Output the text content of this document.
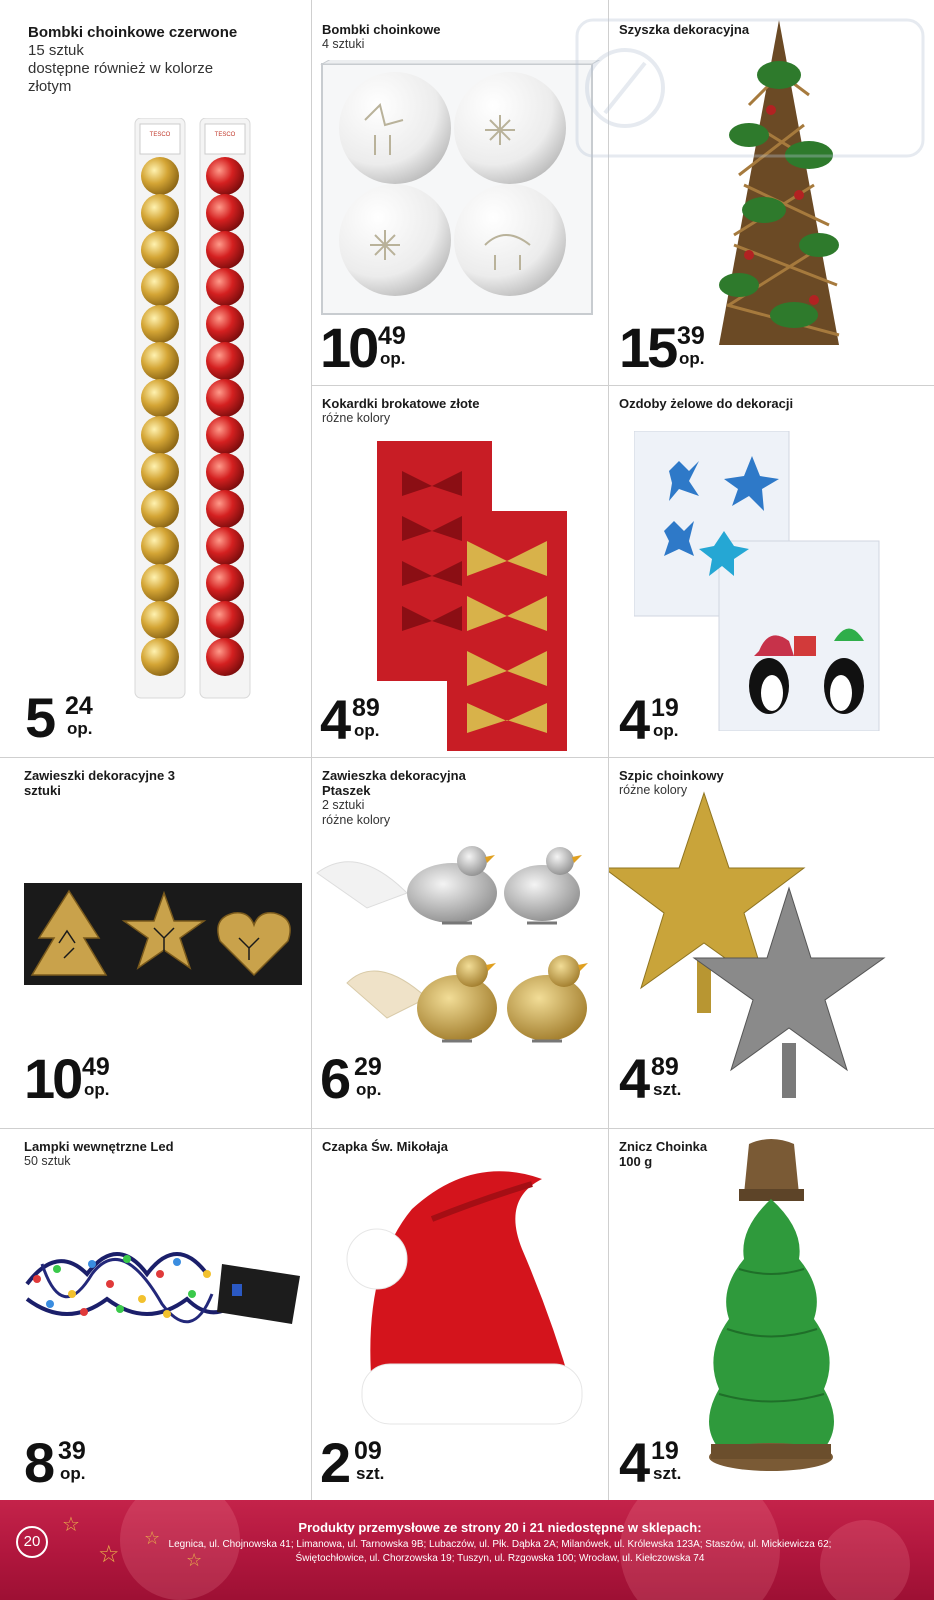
Bombki choinkowe czerwone
15 sztuk
dostępne również w kolorze
złotym
TESCO	TESCO
5 24
op.
Bombki choinkowe
4 sztuki
10 49
op.
Szyszka dekoracyjna
15 39
op.
Kokardki brokatowe złote
różne kolory
4 89
op.
Ozdoby żelowe do dekoracji
4 19
op.
Zawieszki dekoracyjne 3
sztuki
10 49
op.
Zawieszka dekoracyjna
Ptaszek
2 sztuki
różne kolory
6 29
op.
Szpic choinkowy
różne kolory
4 89
szt.
Lampki wewnętrzne Led
50 sztuk
8 39
op.
Czapka Św. Mikołaja
2 09
szt.
Znicz Choinka
100 g
4 19
szt.
20
☆
☆
☆
☆
Produkty przemysłowe ze strony 20 i 21 niedostępne w sklepach:
Legnica, ul. Chojnowska 41; Limanowa, ul. Tarnowska 9B; Lubaczów, ul. Płk. Dąbka 2A; Milanówek, ul. Królewska 123A; Staszów, ul. Mickiewicza 62;
Świętochłowice, ul. Chorzowska 19; Tuszyn, ul. Rzgowska 100; Wrocław, ul. Kiełczowska 74
